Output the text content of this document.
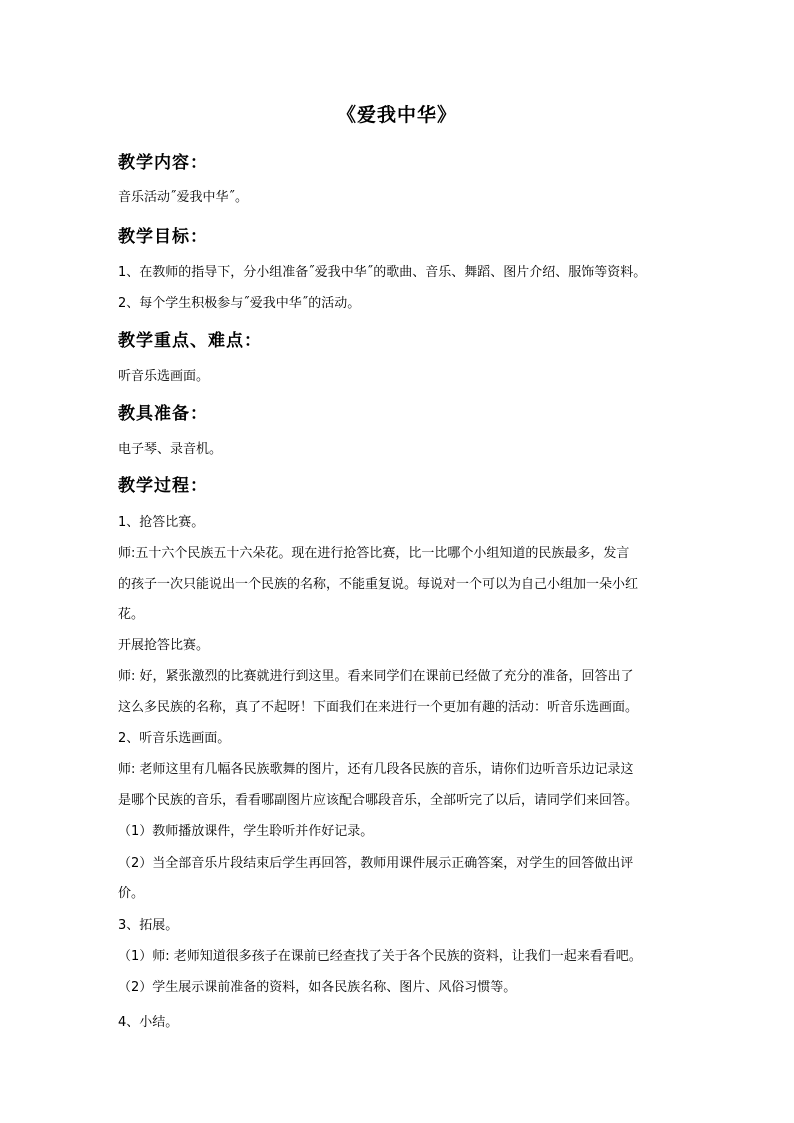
《爱我中华》
教学内容：
音乐活动˝爱我中华˝。
教学目标：
1、在教师的指导下，分小组准备˝爱我中华˝的歌曲、音乐、舞蹈、图片介绍、服饰等资料。
2、每个学生积极参与˝爱我中华˝的活动。
教学重点、难点：
听音乐选画面。
教具准备：
电子琴、录音机。
教学过程：
1、抢答比赛。
师:五十六个民族五十六朵花。现在进行抢答比赛，比一比哪个小组知道的民族最多，发言
的孩子一次只能说出一个民族的名称，不能重复说。每说对一个可以为自己小组加一朵小红
花。
开展抢答比赛。
师: 好，紧张激烈的比赛就进行到这里。看来同学们在课前已经做了充分的准备，回答出了
这么多民族的名称，真了不起呀！下面我们在来进行一个更加有趣的活动：听音乐选画面。
2、听音乐选画面。
师: 老师这里有几幅各民族歌舞的图片，还有几段各民族的音乐，请你们边听音乐边记录这
是哪个民族的音乐，看看哪副图片应该配合哪段音乐，全部听完了以后，请同学们来回答。
（1）教师播放课件，学生聆听并作好记录。
（2）当全部音乐片段结束后学生再回答，教师用课件展示正确答案，对学生的回答做出评
价。
3、拓展。
（1）师: 老师知道很多孩子在课前已经查找了关于各个民族的资料，让我们一起来看看吧。
（2）学生展示课前准备的资料，如各民族名称、图片、风俗习惯等。
4、小结。
